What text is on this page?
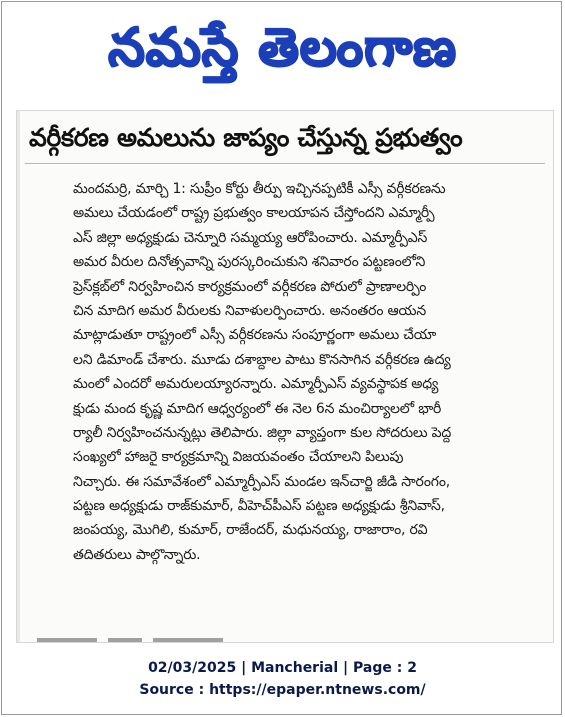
నమస్తే తెలంగాణ
వర్గీకరణ అమలును జాప్యం చేస్తున్న ప్రభుత్వం
మందమర్రి, మార్చి 1: సుప్రీం కోర్టు తీర్పు ఇచ్చినప్పటికీ ఎస్సీ వర్గీకరణను
అమలు చేయడంలో రాష్ట్ర ప్రభుత్వం కాలయాపన చేస్తోందని ఎమ్మార్పీ
ఎస్ జిల్లా అధ్యక్షుడు చెన్నూరి సమ్మయ్య ఆరోపించారు. ఎమ్మార్పీఎస్
అమర వీరుల దినోత్సవాన్ని పురస్కరించుకుని శనివారం పట్టణంలోని
ప్రెస్‌క్లబ్‌లో నిర్వహించిన కార్యక్రమంలో వర్గీకరణ పోరులో ప్రాణాలర్పిం
చిన మాదిగ అమర వీరులకు నివాళులర్పించారు. అనంతరం ఆయన
మాట్లాడుతూ రాష్ట్రంలో ఎస్సీ వర్గీకరణను సంపూర్ణంగా అమలు చేయా
లని డిమాండ్ చేశారు. మూడు దశాబ్దాల పాటు కొనసాగిన వర్గీకరణ ఉద్య
మంలో ఎందరో అమరులయ్యారన్నారు. ఎమ్మార్పీఎస్ వ్యవస్థాపక అధ్య
క్షుడు మంద కృష్ణ మాదిగ ఆధ్వర్యంలో ఈ నెల 6న మంచిర్యాలలో భారీ
ర్యాలీ నిర్వహించనున్నట్లు తెలిపారు. జిల్లా వ్యాప్తంగా కుల సోదరులు పెద్ద
సంఖ్యలో హాజరై కార్యక్రమాన్ని విజయవంతం చేయాలని పిలుపు
నిచ్చారు. ఈ సమావేశంలో ఎమ్మార్పీఎస్ మండల ఇన్‌చార్జి జీడి సారంగం,
పట్టణ అధ్యక్షుడు రాజ్‌కుమార్, వీహెచ్‌పీఎస్ పట్టణ అధ్యక్షుడు శ్రీనివాస్,
జంపయ్య, మొగిలి, కుమార్, రాజేందర్, మధునయ్య, రాజారాం, రవి
తదితరులు పాల్గొన్నారు.

02/03/2025 | Mancherial | Page : 2
Source : https://epaper.ntnews.com/
